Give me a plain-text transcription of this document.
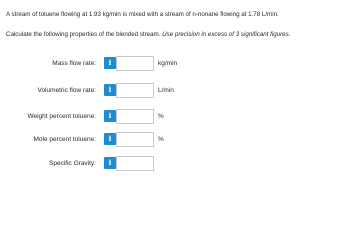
A stream of toluene flowing at 1.93 kg/min is mixed with a stream of n-nonane flowing at 1.78 L/min.
Calculate the following properties of the blended stream. Use precision in excess of 3 significant figures.
Mass flow rate:	i	kg/min
Volumetric flow rate:	i	L/min
Weight percent toluene:	i	%
Mole percent toluene:	i	%
Specific Gravity:	i
